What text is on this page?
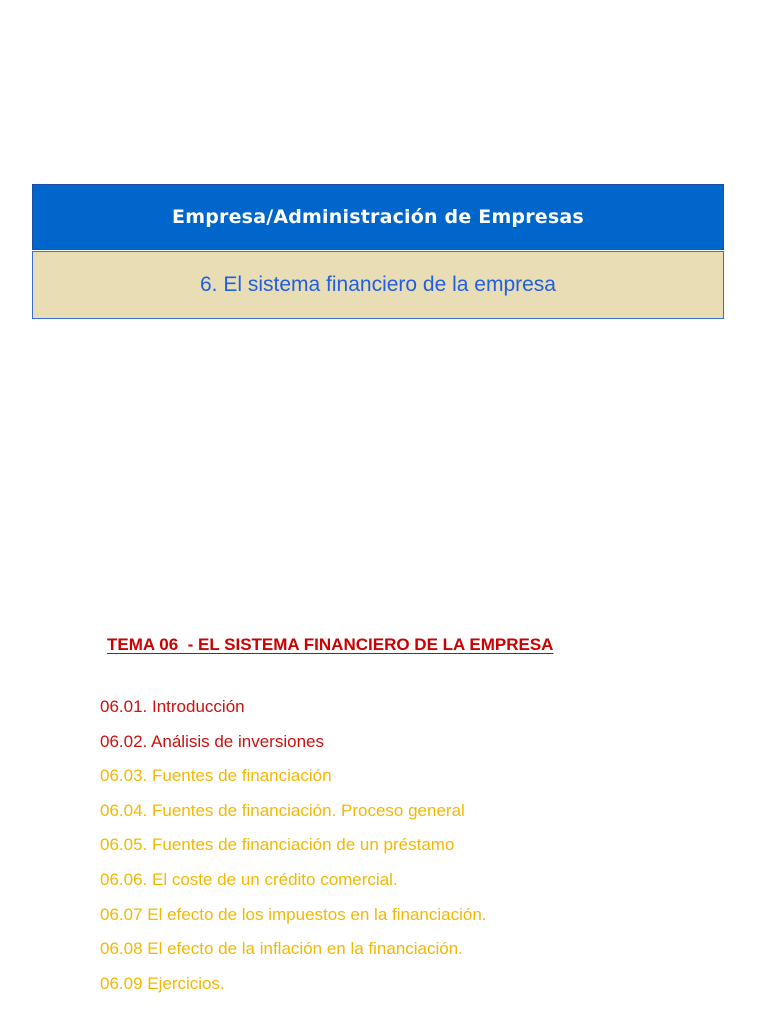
Empresa/Administración de Empresas
6. El sistema financiero de la empresa
TEMA 06  - EL SISTEMA FINANCIERO DE LA EMPRESA
06.01. Introducción
06.02. Análisis de inversiones
06.03. Fuentes de financiación
06.04. Fuentes de financiación. Proceso general
06.05. Fuentes de financiación de un préstamo
06.06. El coste de un crédito comercial.
06.07 El efecto de los impuestos en la financiación.
06.08 El efecto de la inflación en la financiación.
06.09 Ejercicios.
